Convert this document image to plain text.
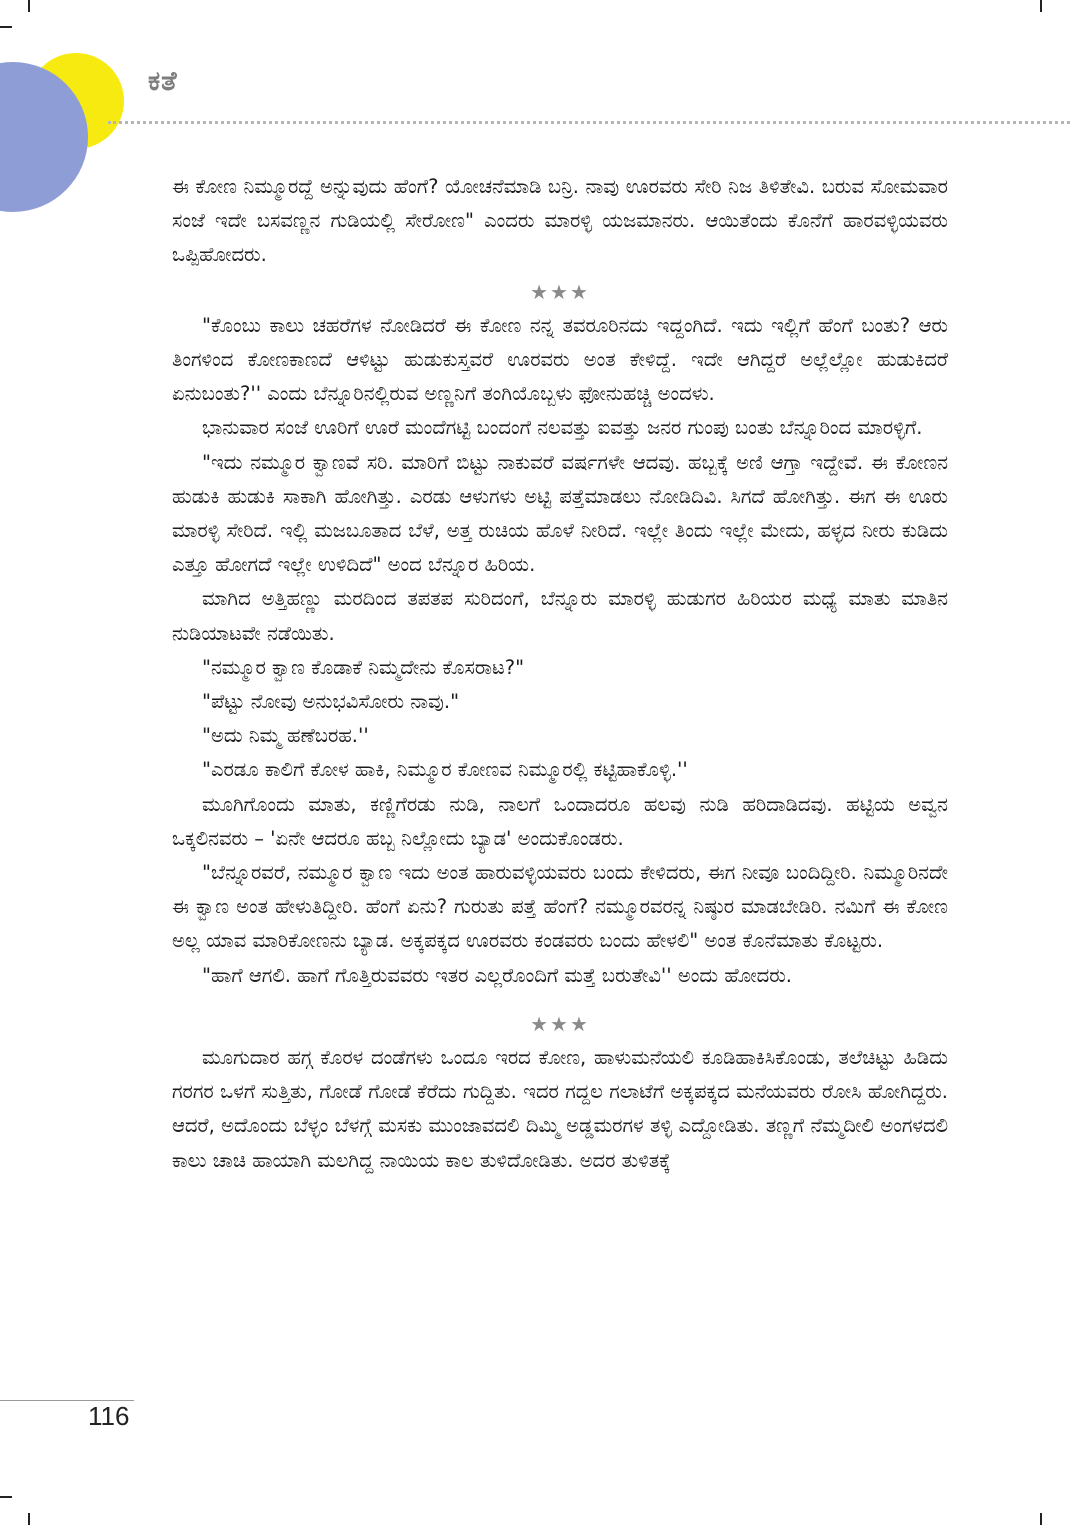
ಕತೆ

ಈ ಕೋಣ ನಿಮ್ಮೂರದ್ದೆ ಅನ್ನುವುದು ಹೆಂಗೆ? ಯೋಚನೆಮಾಡಿ ಬನ್ರಿ. ನಾವು ಊರವರು ಸೇರಿ ನಿಜ ತಿಳಿತೇವಿ. ಬರುವ ಸೋಮವಾರ ಸಂಜೆ ಇದೇ ಬಸವಣ್ಣನ ಗುಡಿಯಲ್ಲಿ ಸೇರೋಣ" ಎಂದರು ಮಾರಳ್ಳಿ ಯಜಮಾನರು. ಆಯಿತೆಂದು ಕೊನೆಗೆ ಹಾರವಳ್ಳಿಯವರು ಒಪ್ಪಿಹೋದರು.

★★★

"ಕೊಂಬು ಕಾಲು ಚಹರೆಗಳ ನೋಡಿದರೆ ಈ ಕೋಣ ನನ್ನ ತವರೂರಿನದು ಇದ್ದಂಗಿದೆ. ಇದು ಇಲ್ಲಿಗೆ ಹೆಂಗೆ ಬಂತು? ಆರು ತಿಂಗಳಿಂದ ಕೋಣಕಾಣದೆ ಆಳಿಟ್ಟು ಹುಡುಕುಸ್ತವರೆ ಊರವರು ಅಂತ ಕೇಳಿದ್ದೆ. ಇದೇ ಆಗಿದ್ದರೆ ಅಲ್ಲೆಲ್ಲೋ ಹುಡುಕಿದರೆ ಏನುಬಂತು?'' ಎಂದು ಬೆನ್ನೂರಿನಲ್ಲಿರುವ ಅಣ್ಣನಿಗೆ ತಂಗಿಯೊಬ್ಬಳು ಫೋನುಹಚ್ಚಿ ಅಂದಳು.

ಭಾನುವಾರ ಸಂಜೆ ಊರಿಗೆ ಊರೆ ಮಂದೆಗಟ್ಟಿ ಬಂದಂಗೆ ನಲವತ್ತು ಐವತ್ತು ಜನರ ಗುಂಪು ಬಂತು ಬೆನ್ನೂರಿಂದ ಮಾರಳ್ಳಿಗೆ.

"ಇದು ನಮ್ಮೂರ ಕ್ವಾಣವೆ ಸರಿ. ಮಾರಿಗೆ ಬಿಟ್ಟು ನಾಕುವರೆ ವರ್ಷಗಳೇ ಆದವು. ಹಬ್ಬಕ್ಕೆ ಅಣಿ ಆಗ್ತಾ ಇದ್ದೇವೆ. ಈ ಕೋಣನ ಹುಡುಕಿ ಹುಡುಕಿ ಸಾಕಾಗಿ ಹೋಗಿತ್ತು. ಎರಡು ಆಳುಗಳು ಅಟ್ಟಿ ಪತ್ತೆಮಾಡಲು ನೋಡಿದಿವಿ. ಸಿಗದೆ ಹೋಗಿತ್ತು. ಈಗ ಈ ಊರು ಮಾರಳ್ಳಿ ಸೇರಿದೆ. ಇಲ್ಲಿ ಮಜಬೂತಾದ ಬೆಳೆ, ಅತ್ತ ರುಚಿಯ ಹೊಳೆ ನೀರಿದೆ. ಇಲ್ಲೇ ತಿಂದು ಇಲ್ಲೇ ಮೇದು, ಹಳ್ಳದ ನೀರು ಕುಡಿದು ಎತ್ತೂ ಹೋಗದೆ ಇಲ್ಲೇ ಉಳಿದಿದೆ" ಅಂದ ಬೆನ್ನೂರ ಹಿರಿಯ.

ಮಾಗಿದ ಅತ್ತಿಹಣ್ಣು ಮರದಿಂದ ತಪತಪ ಸುರಿದಂಗೆ, ಬೆನ್ನೂರು ಮಾರಳ್ಳಿ ಹುಡುಗರ ಹಿರಿಯರ ಮಧ್ಯೆ ಮಾತು ಮಾತಿನ ನುಡಿಯಾಟವೇ ನಡೆಯಿತು.

"ನಮ್ಮೂರ ಕ್ವಾಣ ಕೊಡಾಕೆ ನಿಮ್ಮದೇನು ಕೊಸರಾಟ?"

"ಪೆಟ್ಟು ನೋವು ಅನುಭವಿಸೋರು ನಾವು."

"ಅದು ನಿಮ್ಮ ಹಣೆಬರಹ.''

"ಎರಡೂ ಕಾಲಿಗೆ ಕೋಳ ಹಾಕಿ, ನಿಮ್ಮೂರ ಕೋಣವ ನಿಮ್ಮೂರಲ್ಲಿ ಕಟ್ಟಿಹಾಕೊಳ್ಳಿ.''

ಮೂಗಿಗೊಂದು ಮಾತು, ಕಣ್ಣಿಗೆರಡು ನುಡಿ, ನಾಲಗೆ ಒಂದಾದರೂ ಹಲವು ನುಡಿ ಹರಿದಾಡಿದವು. ಹಟ್ಟಿಯ ಅವ್ವನ ಒಕ್ಕಲಿನವರು – 'ಏನೇ ಆದರೂ ಹಬ್ಬ ನಿಲ್ಲೋದು ಬ್ಯಾಡ' ಅಂದುಕೊಂಡರು.

"ಬೆನ್ನೂರವರೆ, ನಮ್ಮೂರ ಕ್ವಾಣ ಇದು ಅಂತ ಹಾರುವಳ್ಳಿಯವರು ಬಂದು ಕೇಳಿದರು, ಈಗ ನೀವೂ ಬಂದಿದ್ದೀರಿ. ನಿಮ್ಮೂರಿನದೇ ಈ ಕ್ವಾಣ ಅಂತ ಹೇಳುತಿದ್ದೀರಿ. ಹೆಂಗೆ ಏನು? ಗುರುತು ಪತ್ತೆ ಹೆಂಗೆ? ನಮ್ಮೂರವರನ್ನ ನಿಷ್ಠುರ ಮಾಡಬೇಡಿರಿ. ನಮಿಗೆ ಈ ಕೋಣ ಅಲ್ಲ ಯಾವ ಮಾರಿಕೋಣನು ಬ್ಯಾಡ. ಅಕ್ಕಪಕ್ಕದ ಊರವರು ಕಂಡವರು ಬಂದು ಹೇಳಲಿ" ಅಂತ ಕೊನೆಮಾತು ಕೊಟ್ಟರು.

"ಹಾಗೆ ಆಗಲಿ. ಹಾಗೆ ಗೊತ್ತಿರುವವರು ಇತರ ಎಲ್ಲರೊಂದಿಗೆ ಮತ್ತೆ ಬರುತೇವಿ'' ಅಂದು ಹೋದರು.

★★★

ಮೂಗುದಾರ ಹಗ್ಗ ಕೊರಳ ದಂಡೆಗಳು ಒಂದೂ ಇರದ ಕೋಣ, ಹಾಳುಮನೆಯಲಿ ಕೂಡಿಹಾಕಿಸಿಕೊಂಡು, ತಲೆಚಿಟ್ಟು ಹಿಡಿದು ಗರಗರ ಒಳಗೆ ಸುತ್ತಿತು, ಗೋಡೆ ಗೋಡೆ ಕೆರೆದು ಗುದ್ದಿತು. ಇದರ ಗದ್ದಲ ಗಲಾಟೆಗೆ ಅಕ್ಕಪಕ್ಕದ ಮನೆಯವರು ರೋಸಿ ಹೋಗಿದ್ದರು. ಆದರೆ, ಅದೊಂದು ಬೆಳ್ಳಂ ಬೆಳಗ್ಗೆ ಮಸಕು ಮುಂಜಾವದಲಿ ದಿಮ್ಮಿ ಅಡ್ಡಮರಗಳ ತಳ್ಳಿ ಎದ್ದೋಡಿತು. ತಣ್ಣಗೆ ನೆಮ್ಮದೀಲಿ ಅಂಗಳದಲಿ ಕಾಲು ಚಾಚಿ ಹಾಯಾಗಿ ಮಲಗಿದ್ದ ನಾಯಿಯ ಕಾಲ ತುಳಿದೋಡಿತು. ಅದರ ತುಳಿತಕ್ಕೆ

116
